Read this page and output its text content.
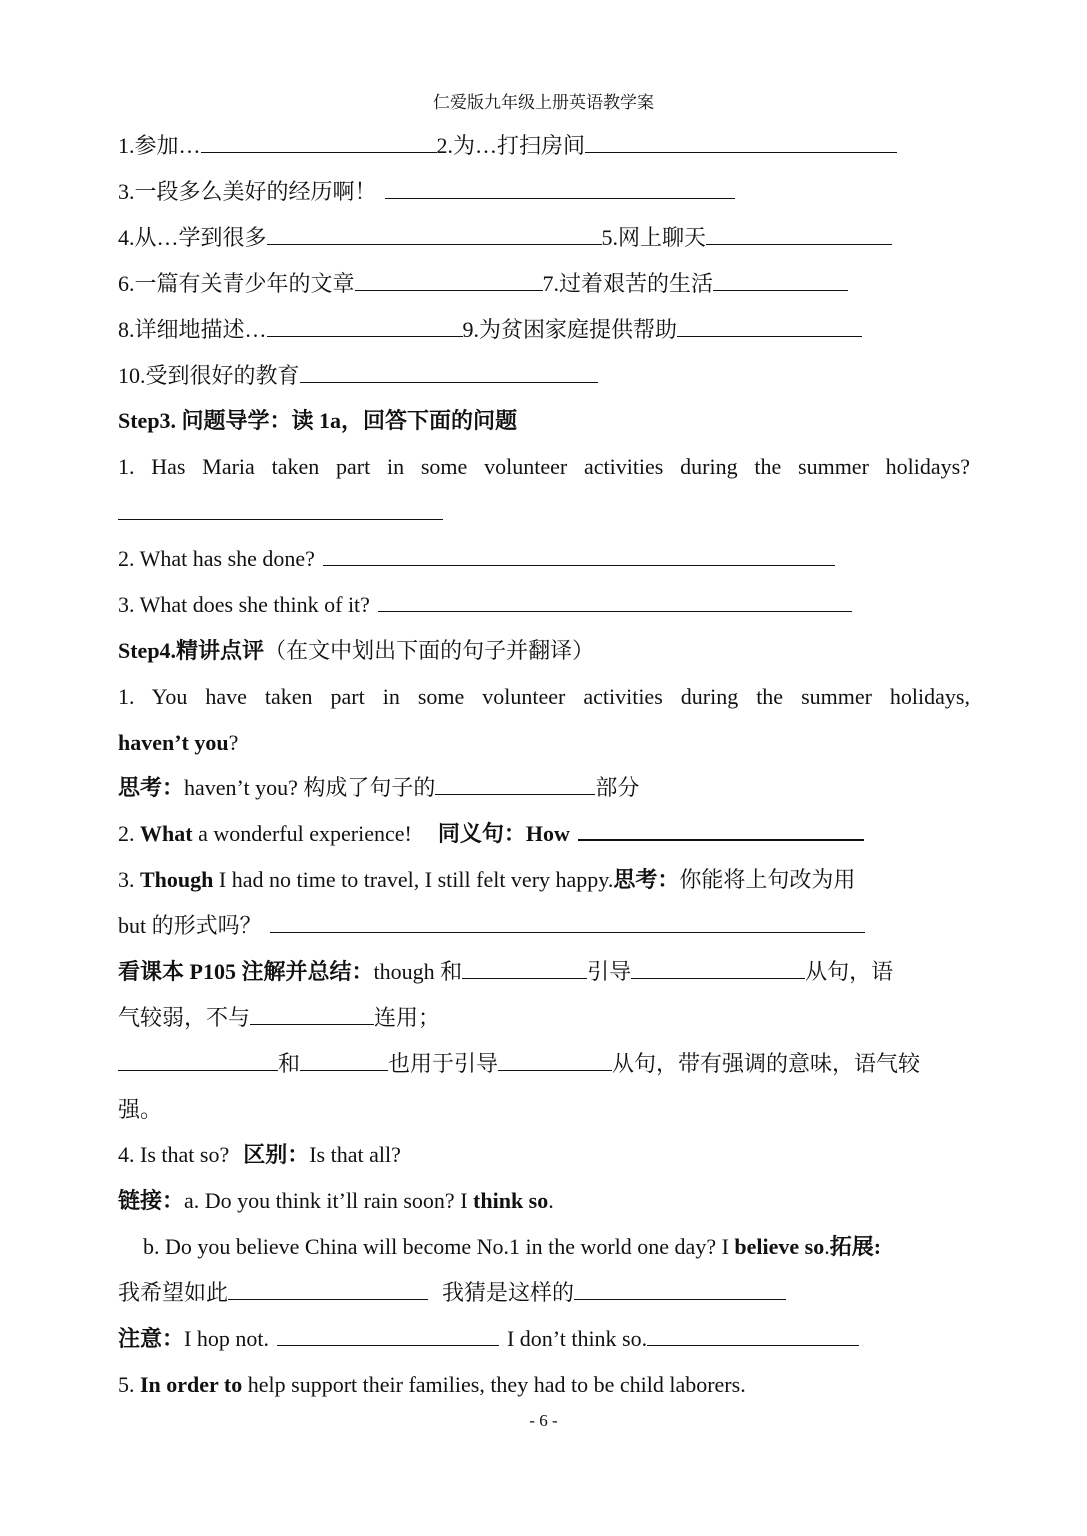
仁爱版九年级上册英语教学案
1.参加…	2.为…打扫房间
3.一段多么美好的经历啊！
4.从…学到很多	5.网上聊天
6.一篇有关青少年的文章	7.过着艰苦的生活
8.详细地描述…	9.为贫困家庭提供帮助
10.受到很好的教育
Step3. 问题导学：读 1a，回答下面的问题
1. Has Maria taken part in some volunteer activities during the summer holidays?
2. What has she done?
3. What does she think of it?
Step4.精讲点评（在文中划出下面的句子并翻译）
1. You have taken part in some volunteer activities during the summer holidays,
haven’t you?
思考：haven’t you? 构成了句子的	部分
2. What a wonderful experience! 同义句：How
3. Though I had no time to travel, I still felt very happy.思考：你能将上句改为用
but 的形式吗？
看课本 P105 注解并总结：though 和	引导	从句，语
气较弱，不与	连用；
和	也用于引导	从句，带有强调的意味，语气较
强。
4. Is that so? 区别：Is that all?
链接：a. Do you think it’ll rain soon? I think so.
b. Do you believe China will become No.1 in the world one day? I believe so.拓展:
我希望如此	我猜是这样的
注意：I hop not.	I don’t think so.
5. In order to help support their families, they had to be child laborers.
- 6 -
